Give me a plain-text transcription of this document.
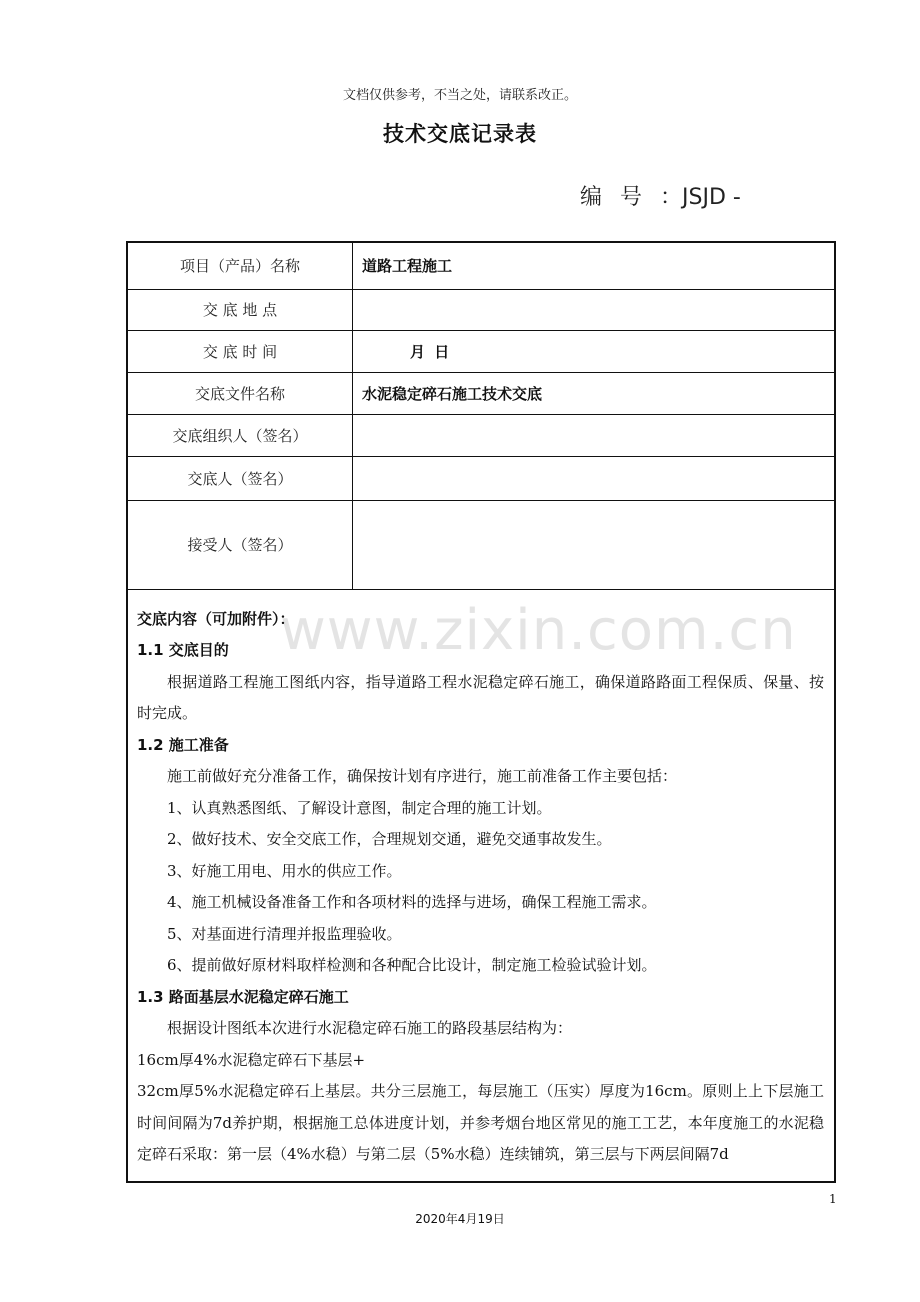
文档仅供参考，不当之处，请联系改正。
技术交底记录表
编号：JSJD -
www.zixin.com.cn
项目（产品）名称	道路工程施工
交 底 地 点	
交 底 时 间	月 日
交底文件名称	水泥稳定碎石施工技术交底
交底组织人（签名）	
交底人（签名）	
接受人（签名）	

交底内容（可加附件）：

1.1 交底目的

根据道路工程施工图纸内容，指导道路工程水泥稳定碎石施工，确保道路路面工程保质、保量、按时完成。

1.2 施工准备

施工前做好充分准备工作，确保按计划有序进行，施工前准备工作主要包括：

1、认真熟悉图纸、了解设计意图，制定合理的施工计划。

2、做好技术、安全交底工作，合理规划交通，避免交通事故发生。

3、好施工用电、用水的供应工作。

4、施工机械设备准备工作和各项材料的选择与进场，确保工程施工需求。

5、对基面进行清理并报监理验收。

6、提前做好原材料取样检测和各种配合比设计，制定施工检验试验计划。

1.3 路面基层水泥稳定碎石施工

根据设计图纸本次进行水泥稳定碎石施工的路段基层结构为：

16cm厚4%水泥稳定碎石下基层+

32cm厚5%水泥稳定碎石上基层。共分三层施工，每层施工（压实）厚度为16cm。原则上上下层施工时间间隔为7d养护期，根据施工总体进度计划，并参考烟台地区常见的施工工艺，本年度施工的水泥稳定碎石采取：第一层（4%水稳）与第二层（5%水稳）连续铺筑，第三层与下两层间隔7d

1
2020年4月19日
